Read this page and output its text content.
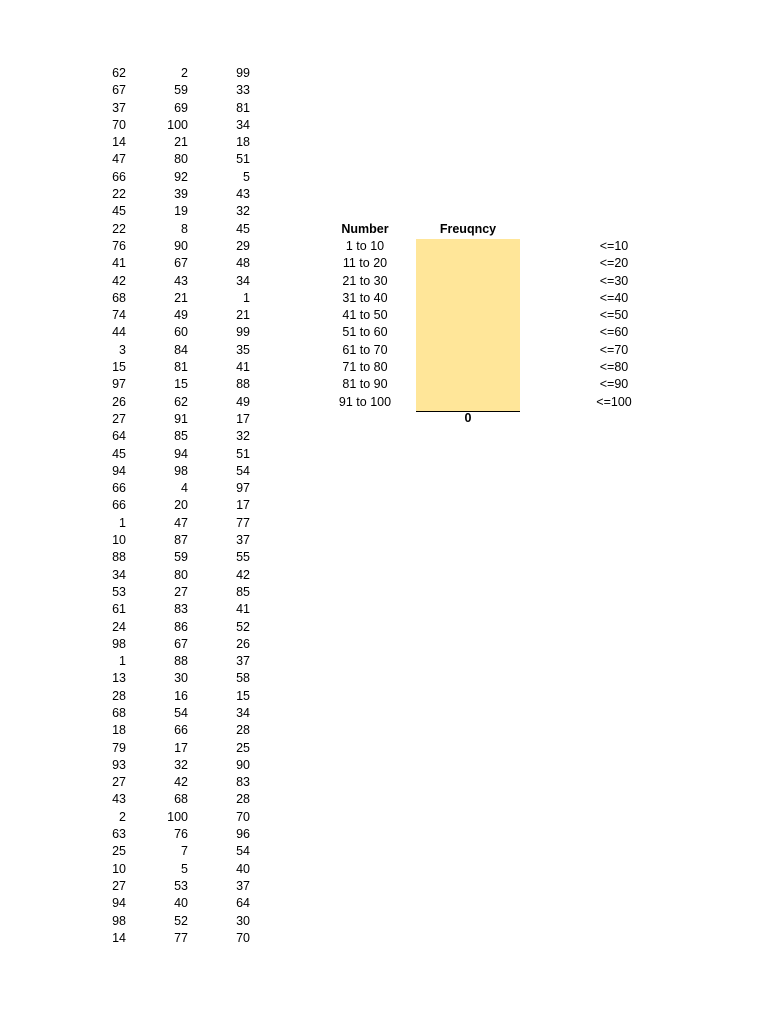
62
67
37
70
14
47
66
22
45
22
76
41
42
68
74
44
3
15
97
26
27
64
45
94
66
66
1
10
88
34
53
61
24
98
1
13
28
68
18
79
93
27
43
2
63
25
10
27
94
98
14
2
59
69
100
21
80
92
39
19
8
90
67
43
21
49
60
84
81
15
62
91
85
94
98
4
20
47
87
59
80
27
83
86
67
88
30
16
54
66
17
32
42
68
100
76
7
5
53
40
52
77
99
33
81
34
18
51
5
43
32
45
29
48
34
1
21
99
35
41
88
49
17
32
51
54
97
17
77
37
55
42
85
41
52
26
37
58
15
34
28
25
90
83
28
70
96
54
40
37
64
30
70
Number	Freuqncy
1 to 10
11 to 20
21 to 30
31 to 40
41 to 50
51 to 60
61 to 70
71 to 80
81 to 90
91 to 100
0
<=10
<=20
<=30
<=40
<=50
<=60
<=70
<=80
<=90
<=100
